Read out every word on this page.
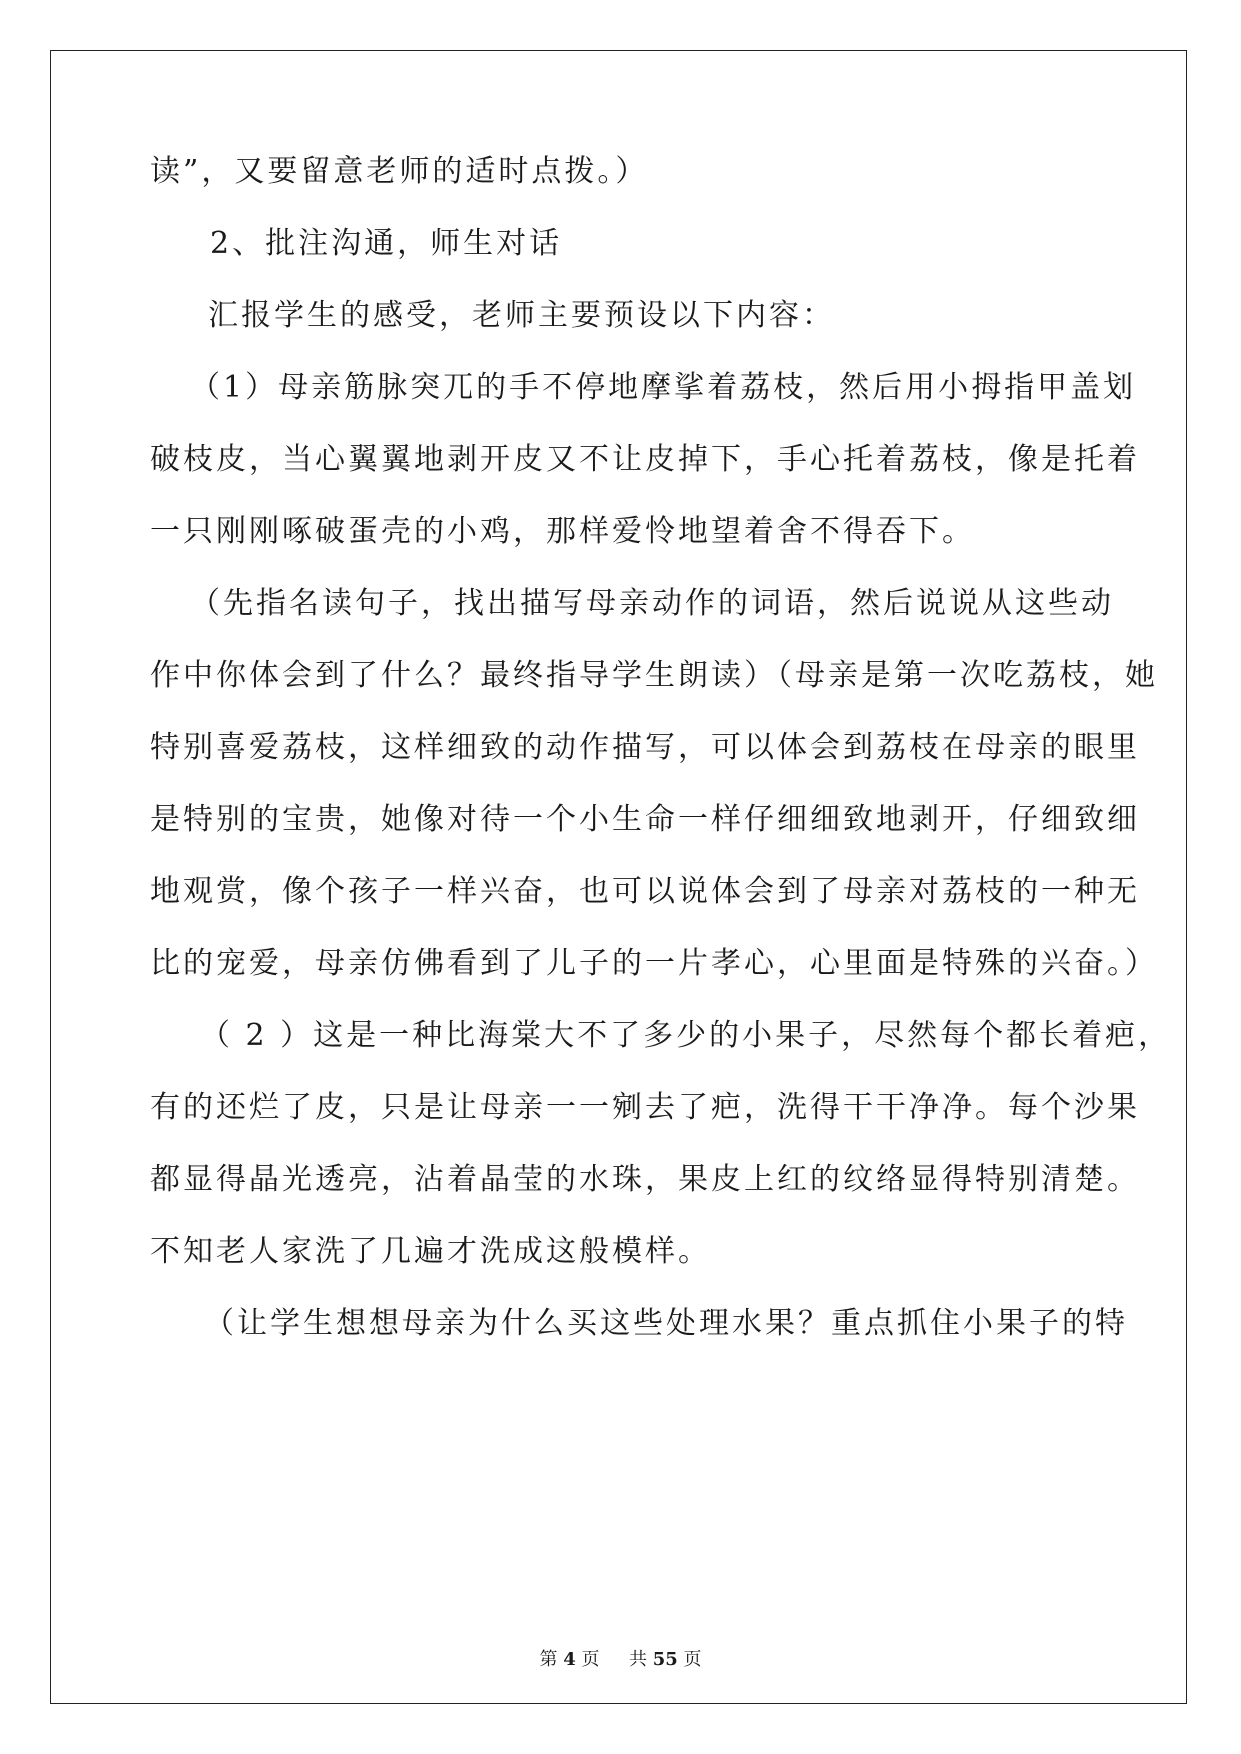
读”，又要留意老师的适时点拨。）
2、批注沟通，师生对话
汇报学生的感受，老师主要预设以下内容：
（1）母亲筋脉突兀的手不停地摩挲着荔枝，然后用小拇指甲盖划
破枝皮，当心翼翼地剥开皮又不让皮掉下，手心托着荔枝，像是托着
一只刚刚啄破蛋壳的小鸡，那样爱怜地望着舍不得吞下。
（先指名读句子，找出描写母亲动作的词语，然后说说从这些动
作中你体会到了什么？最终指导学生朗读）（母亲是第一次吃荔枝，她
特别喜爱荔枝，这样细致的动作描写，可以体会到荔枝在母亲的眼里
是特别的宝贵，她像对待一个小生命一样仔细细致地剥开，仔细致细
地观赏，像个孩子一样兴奋，也可以说体会到了母亲对荔枝的一种无
比的宠爱，母亲仿佛看到了儿子的一片孝心，心里面是特殊的兴奋。）
（ 2 ）这是一种比海棠大不了多少的小果子，尽然每个都长着疤，
有的还烂了皮，只是让母亲一一剜去了疤，洗得干干净净。每个沙果
都显得晶光透亮，沾着晶莹的水珠，果皮上红的纹络显得特别清楚。
不知老人家洗了几遍才洗成这般模样。
（让学生想想母亲为什么买这些处理水果？重点抓住小果子的特
第 4 页 共 55 页
